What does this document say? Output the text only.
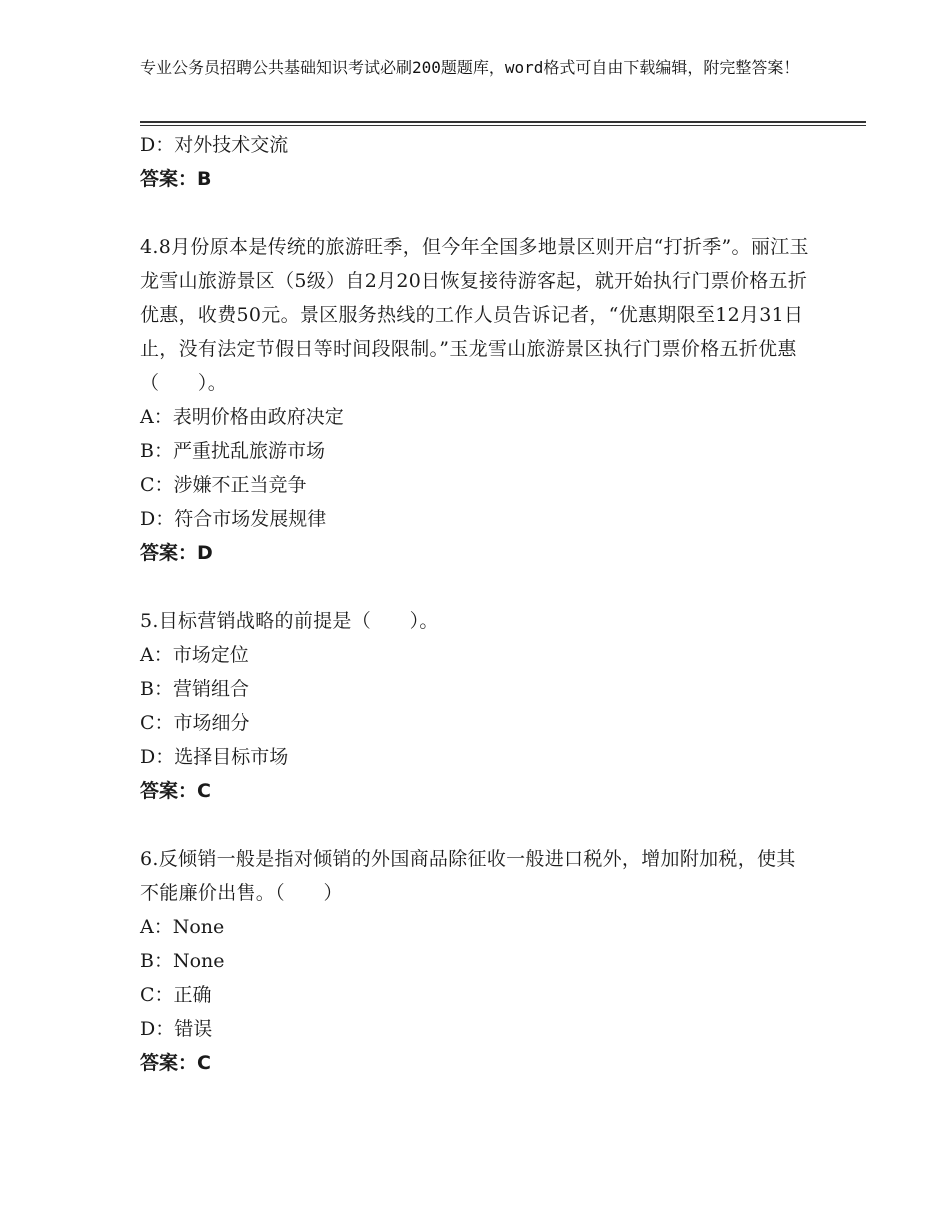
专业公务员招聘公共基础知识考试必刷200题题库，word格式可自由下载编辑，附完整答案！
D：对外技术交流
答案：B
4.8月份原本是传统的旅游旺季，但今年全国多地景区则开启“打折季”。丽江玉龙雪山旅游景区（5级）自2月20日恢复接待游客起，就开始执行门票价格五折优惠，收费50元。景区服务热线的工作人员告诉记者，“优惠期限至12月31日止，没有法定节假日等时间段限制。”玉龙雪山旅游景区执行门票价格五折优惠（　　）。
A：表明价格由政府决定
B：严重扰乱旅游市场
C：涉嫌不正当竞争
D：符合市场发展规律
答案：D
5.目标营销战略的前提是（　　）。
A：市场定位
B：营销组合
C：市场细分
D：选择目标市场
答案：C
6.反倾销一般是指对倾销的外国商品除征收一般进口税外，增加附加税，使其不能廉价出售。（　　）
A：None
B：None
C：正确
D：错误
答案：C
